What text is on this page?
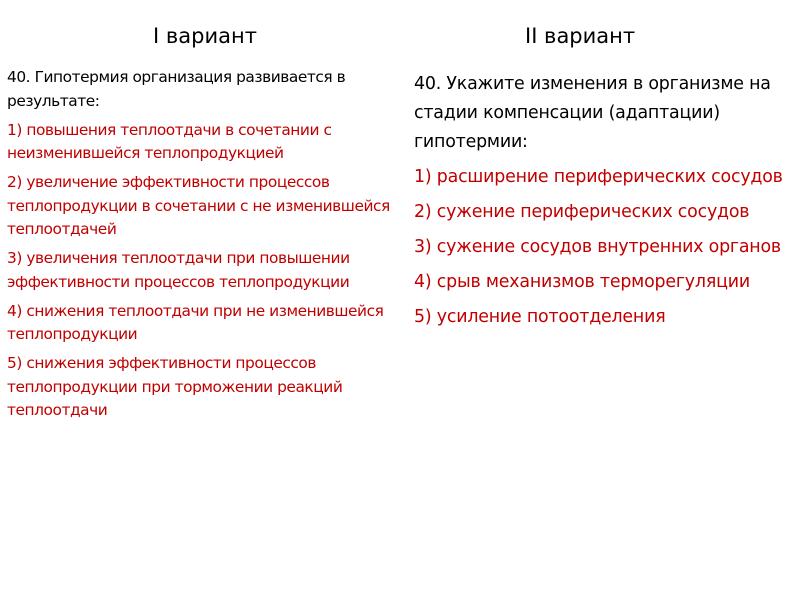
I вариант

40. Гипотермия организация развивается в результате:

1) повышения теплоотдачи в сочетании с неизменившейся теплопродукцией

2) увеличение эффективности процессов теплопродукции в сочетании с не изменившейся теплоотдачей

3) увеличения теплоотдачи при повышении эффективности процессов теплопродукции

4) снижения теплоотдачи при не изменившейся теплопродукции

5) снижения эффективности процессов теплопродукции при торможении реакций теплоотдачи

II вариант

40. Укажите изменения в организме на стадии компенсации (адаптации) гипотермии:

1) расширение периферических сосудов

2) сужение периферических сосудов

3) сужение сосудов внутренних органов

4) срыв механизмов терморегуляции

5) усиление потоотделения
